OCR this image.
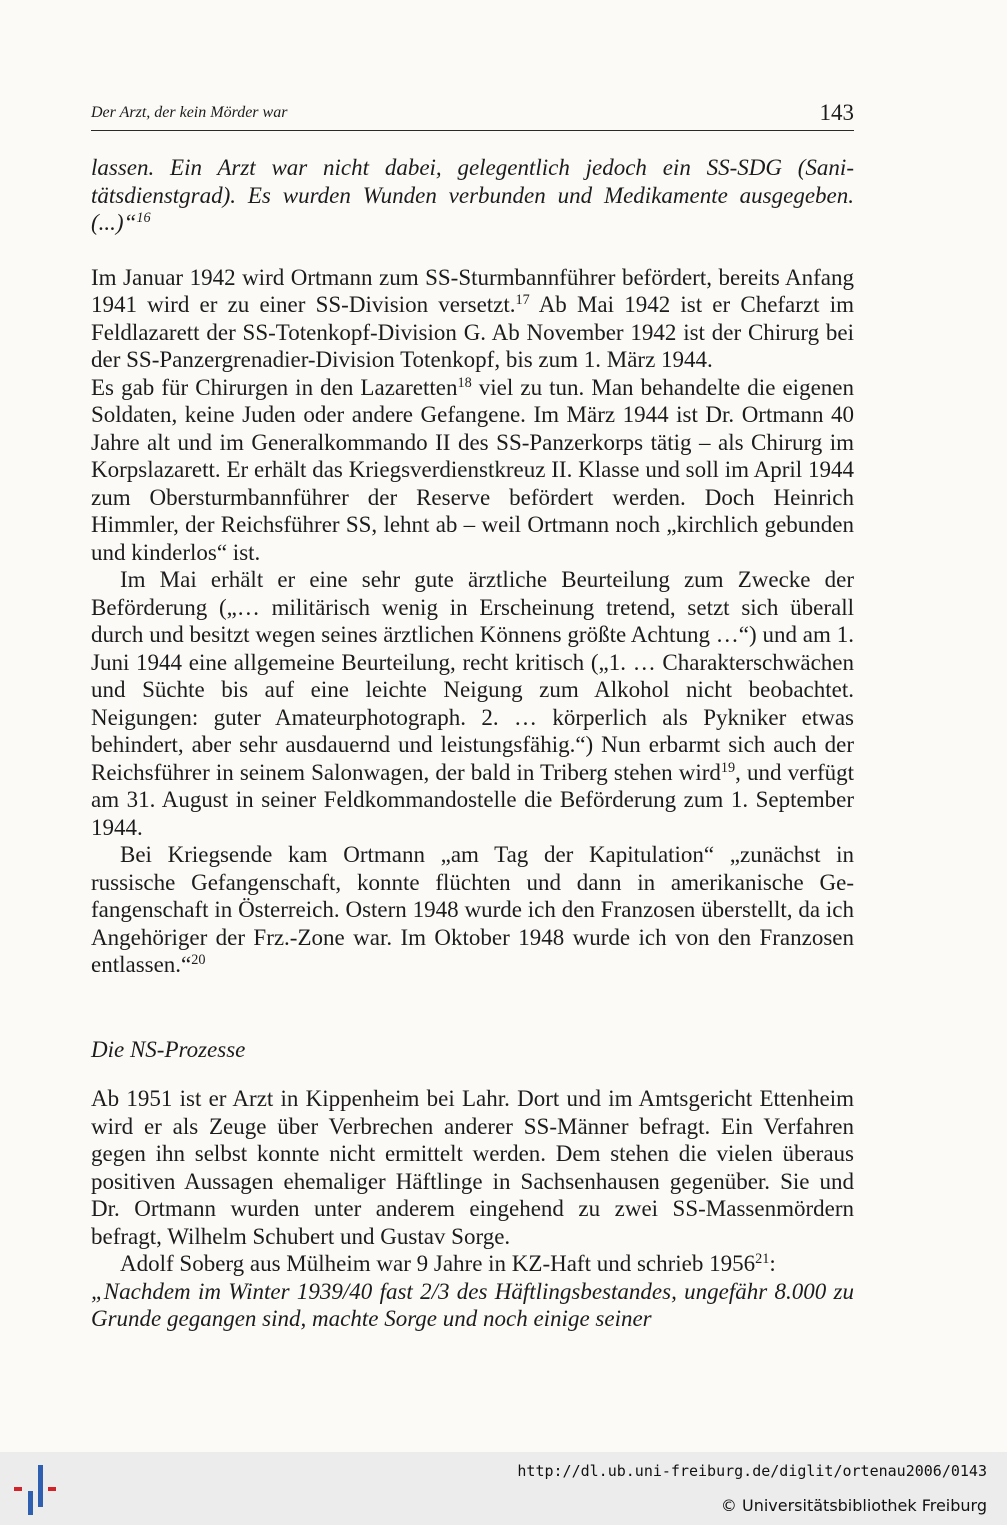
Der Arzt, der kein Mörder war	143

lassen. Ein Arzt war nicht dabei, gelegentlich jedoch ein SS-SDG (Sanitätsdienstgrad). Es wurden Wunden verbunden und Medikamente ausgegeben. (...)“$^{16}$

Im Januar 1942 wird Ortmann zum SS-Sturmbannführer befördert, bereits Anfang 1941 wird er zu einer SS-Division versetzt.$^{17}$ Ab Mai 1942 ist er Chefarzt im Feldlazarett der SS-Totenkopf-Division G. Ab November 1942 ist der Chirurg bei der SS-Panzergrenadier-Division Totenkopf, bis zum 1. März 1944.

Es gab für Chirurgen in den Lazaretten$^{18}$ viel zu tun. Man behandelte die eigenen Soldaten, keine Juden oder andere Gefangene. Im März 1944 ist Dr. Ortmann 40 Jahre alt und im Generalkommando II des SS-Panzerkorps tätig – als Chirurg im Korpslazarett. Er erhält das Kriegsverdienstkreuz II. Klasse und soll im April 1944 zum Obersturmbannführer der Reserve befördert werden. Doch Heinrich Himmler, der Reichsführer SS, lehnt ab – weil Ortmann noch „kirchlich gebunden und kinderlos“ ist.

Im Mai erhält er eine sehr gute ärztliche Beurteilung zum Zwecke der Beförderung („… militärisch wenig in Erscheinung tretend, setzt sich überall durch und besitzt wegen seines ärztlichen Könnens größte Achtung …“) und am 1. Juni 1944 eine allgemeine Beurteilung, recht kritisch („1. … Charakterschwächen und Süchte bis auf eine leichte Neigung zum Alkohol nicht beobachtet. Neigungen: guter Amateurphotograph. 2. … körperlich als Pykniker etwas behindert, aber sehr ausdauernd und leistungsfähig.“) Nun erbarmt sich auch der Reichsführer in seinem Salonwagen, der bald in Triberg stehen wird$^{19}$, und verfügt am 31. August in seiner Feldkommandostelle die Beförderung zum 1. September 1944.

Bei Kriegsende kam Ortmann „am Tag der Kapitulation“ „zunächst in russische Gefangenschaft, konnte flüchten und dann in amerikanische Gefangenschaft in Österreich. Ostern 1948 wurde ich den Franzosen überstellt, da ich Angehöriger der Frz.-Zone war. Im Oktober 1948 wurde ich von den Franzosen entlassen.“$^{20}$

Die NS-Prozesse

Ab 1951 ist er Arzt in Kippenheim bei Lahr. Dort und im Amtsgericht Ettenheim wird er als Zeuge über Verbrechen anderer SS-Männer befragt. Ein Verfahren gegen ihn selbst konnte nicht ermittelt werden. Dem stehen die vielen überaus positiven Aussagen ehemaliger Häftlinge in Sachsenhausen gegenüber. Sie und Dr. Ortmann wurden unter anderem eingehend zu zwei SS-Massenmördern befragt, Wilhelm Schubert und Gustav Sorge.

Adolf Soberg aus Mülheim war 9 Jahre in KZ-Haft und schrieb 1956$^{21}$:

„Nachdem im Winter 1939/40 fast 2/3 des Häftlingsbestandes, ungefähr 8.000 zu Grunde gegangen sind, machte Sorge und noch einige seiner

http://dl.ub.uni-freiburg.de/diglit/ortenau2006/0143
© Universitätsbibliothek Freiburg
